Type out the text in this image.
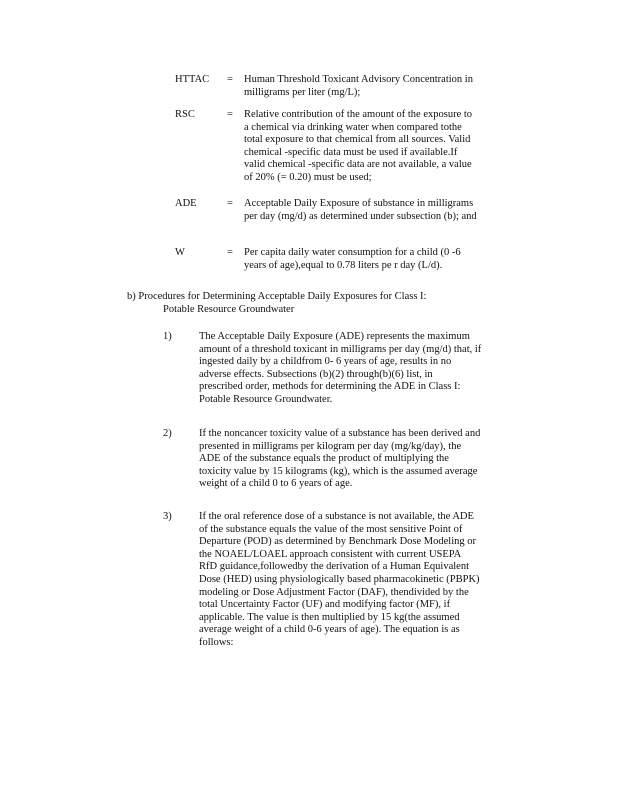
HTTAC = Human Threshold Toxicant Advisory Concentration in
milligrams per liter (mg/L);
RSC	= Relative contribution of the amount of the exposure to
a chemical via drinking water when compared tothe
total exposure to that chemical from all sources. Valid
chemical -specific data must be used if available.If
valid chemical -specific data are not available, a value
of 20% (= 0.20) must be used;
ADE	= Acceptable Daily Exposure of substance in milligrams
per day (mg/d) as determined under subsection (b); and
W	= Per capita daily water consumption for a child (0 -6
years of age),equal to 0.78 liters pe r day (L/d).
b) Procedures for Determining Acceptable Daily Exposures for Class I:
Potable Resource Groundwater
1)	The Acceptable Daily Exposure (ADE) represents the maximum
amount of a threshold toxicant in milligrams per day (mg/d) that, if
ingested daily by a childfrom 0- 6 years of age, results in no
adverse effects. Subsections (b)(2) through(b)(6) list, in
prescribed order, methods for determining the ADE in Class I:
Potable Resource Groundwater.
2)	If the noncancer toxicity value of a substance has been derived and
presented in milligrams per kilogram per day (mg/kg/day), the
ADE of the substance equals the product of multiplying the
toxicity value by 15 kilograms (kg), which is the assumed average
weight of a child 0 to 6 years of age.
3)	If the oral reference dose of a substance is not available, the ADE
of the substance equals the value of the most sensitive Point of
Departure (POD) as determined by Benchmark Dose Modeling or
the NOAEL/LOAEL approach consistent with current USEPA
RfD guidance,followedby the derivation of a Human Equivalent
Dose (HED) using physiologically based pharmacokinetic (PBPK)
modeling or Dose Adjustment Factor (DAF), thendivided by the
total Uncertainty Factor (UF) and modifying factor (MF), if
applicable. The value is then multiplied by 15 kg(the assumed
average weight of a child 0-6 years of age). The equation is as
follows:
